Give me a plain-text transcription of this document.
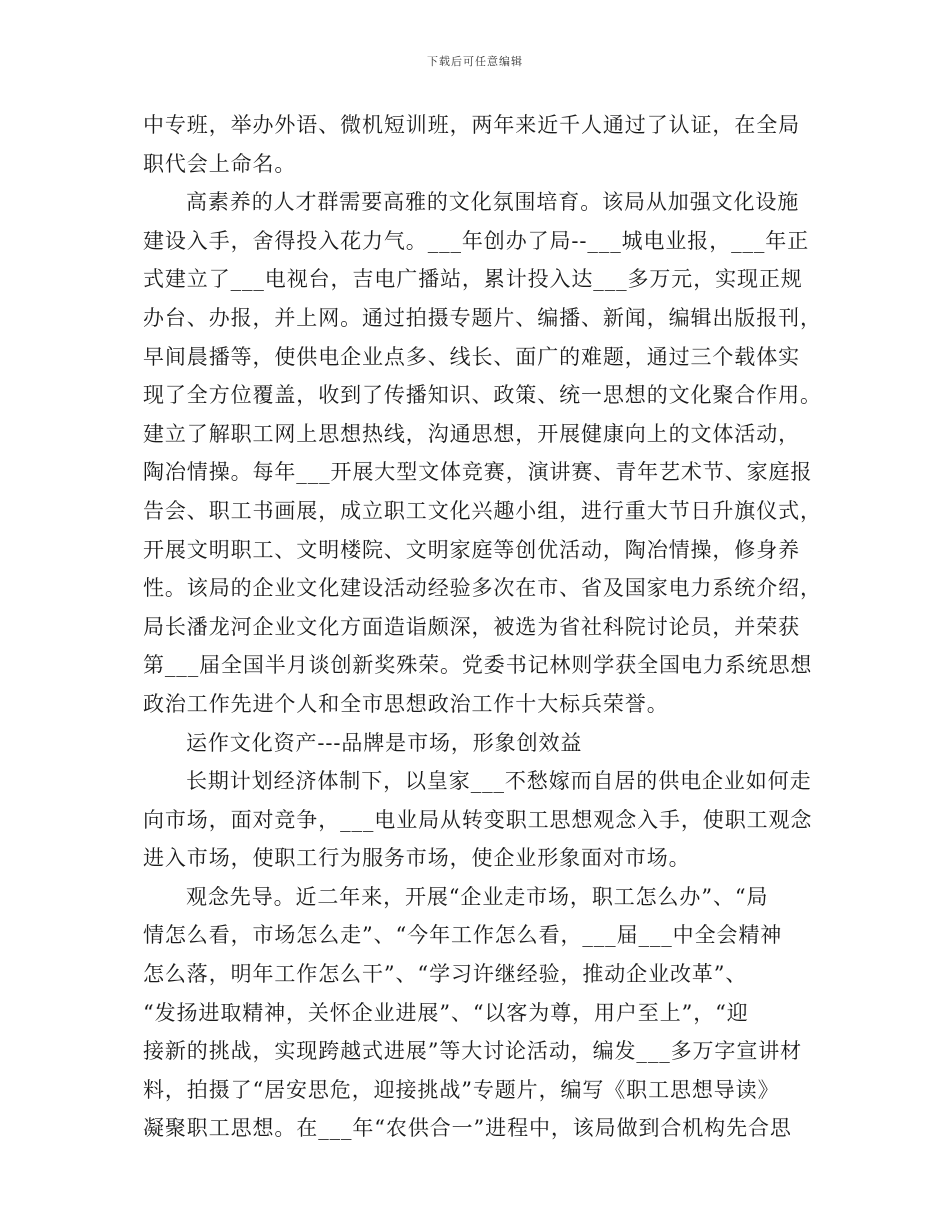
下载后可任意编辑
中专班，举办外语、微机短训班，两年来近千人通过了认证，在全局
职代会上命名。
高素养的人才群需要高雅的文化氛围培育。该局从加强文化设施
建设入手，舍得投入花力气。___年创办了局--___城电业报，___年正
式建立了___电视台，吉电广播站，累计投入达___多万元，实现正规
办台、办报，并上网。通过拍摄专题片、编播、新闻，编辑出版报刊，
早间晨播等，使供电企业点多、线长、面广的难题，通过三个载体实
现了全方位覆盖，收到了传播知识、政策、统一思想的文化聚合作用。
建立了解职工网上思想热线，沟通思想，开展健康向上的文体活动，
陶冶情操。每年___开展大型文体竞赛，演讲赛、青年艺术节、家庭报
告会、职工书画展，成立职工文化兴趣小组，进行重大节日升旗仪式，
开展文明职工、文明楼院、文明家庭等创优活动，陶冶情操，修身养
性。该局的企业文化建设活动经验多次在市、省及国家电力系统介绍，
局长潘龙河企业文化方面造诣颇深，被选为省社科院讨论员，并荣获
第___届全国半月谈创新奖殊荣。党委书记林则学获全国电力系统思想
政治工作先进个人和全市思想政治工作十大标兵荣誉。
运作文化资产---品牌是市场，形象创效益
长期计划经济体制下，以皇家___不愁嫁而自居的供电企业如何走
向市场，面对竞争，___电业局从转变职工思想观念入手，使职工观念
进入市场，使职工行为服务市场，使企业形象面对市场。
观念先导。近二年来，开展“企业走市场，职工怎么办”、“局
情怎么看，市场怎么走”、“今年工作怎么看，___届___中全会精神
怎么落，明年工作怎么干”、“学习许继经验，推动企业改革”、
“发扬进取精神，关怀企业进展”、“以客为尊，用户至上”，“迎
接新的挑战，实现跨越式进展”等大讨论活动，编发___多万字宣讲材
料，拍摄了“居安思危，迎接挑战”专题片，编写《职工思想导读》
凝聚职工思想。在___年“农供合一”进程中，该局做到合机构先合思
